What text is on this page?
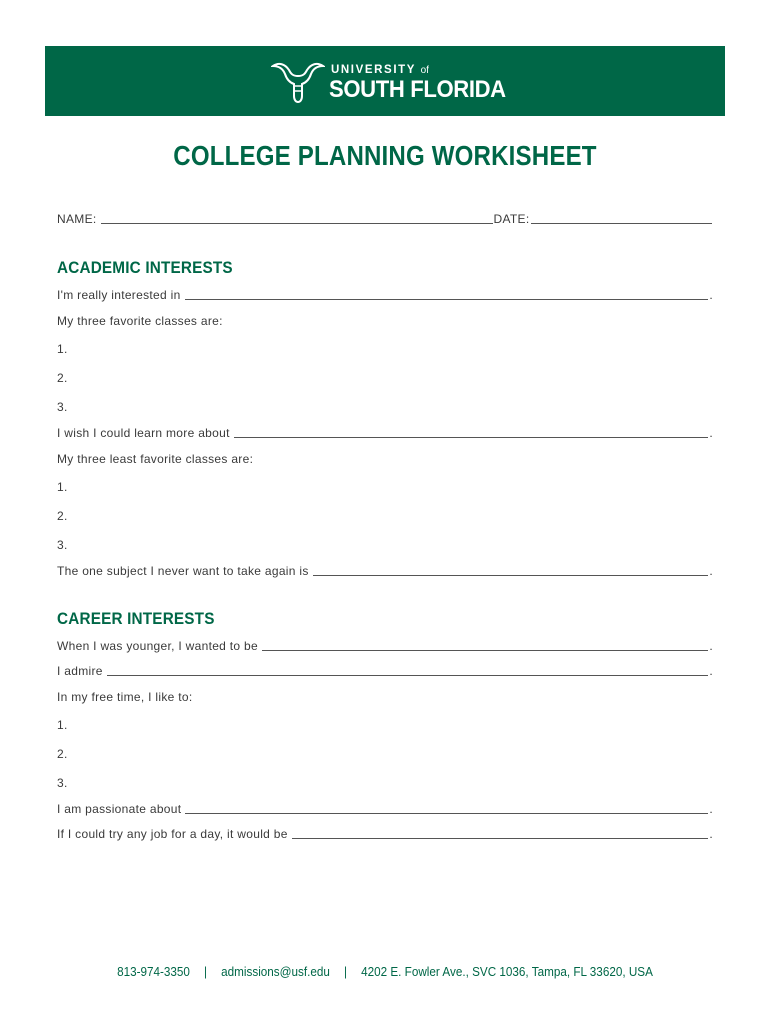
UNIVERSITY of
SOUTH FLORIDA
COLLEGE PLANNING WORKISHEET
NAME:	DATE:
ACADEMIC INTERESTS
I'm really interested in	.
My three favorite classes are:
1.
2.
3.
I wish I could learn more about	.
My three least favorite classes are:
1.
2.
3.
The one subject I never want to take again is	.
CAREER INTERESTS
When I was younger, I wanted to be	.
I admire	.
In my free time, I like to:
1.
2.
3.
I am passionate about	.
If I could try any job for a day, it would be	.
813-974-3350 | admissions@usf.edu | 4202 E. Fowler Ave., SVC 1036, Tampa, FL 33620, USA
